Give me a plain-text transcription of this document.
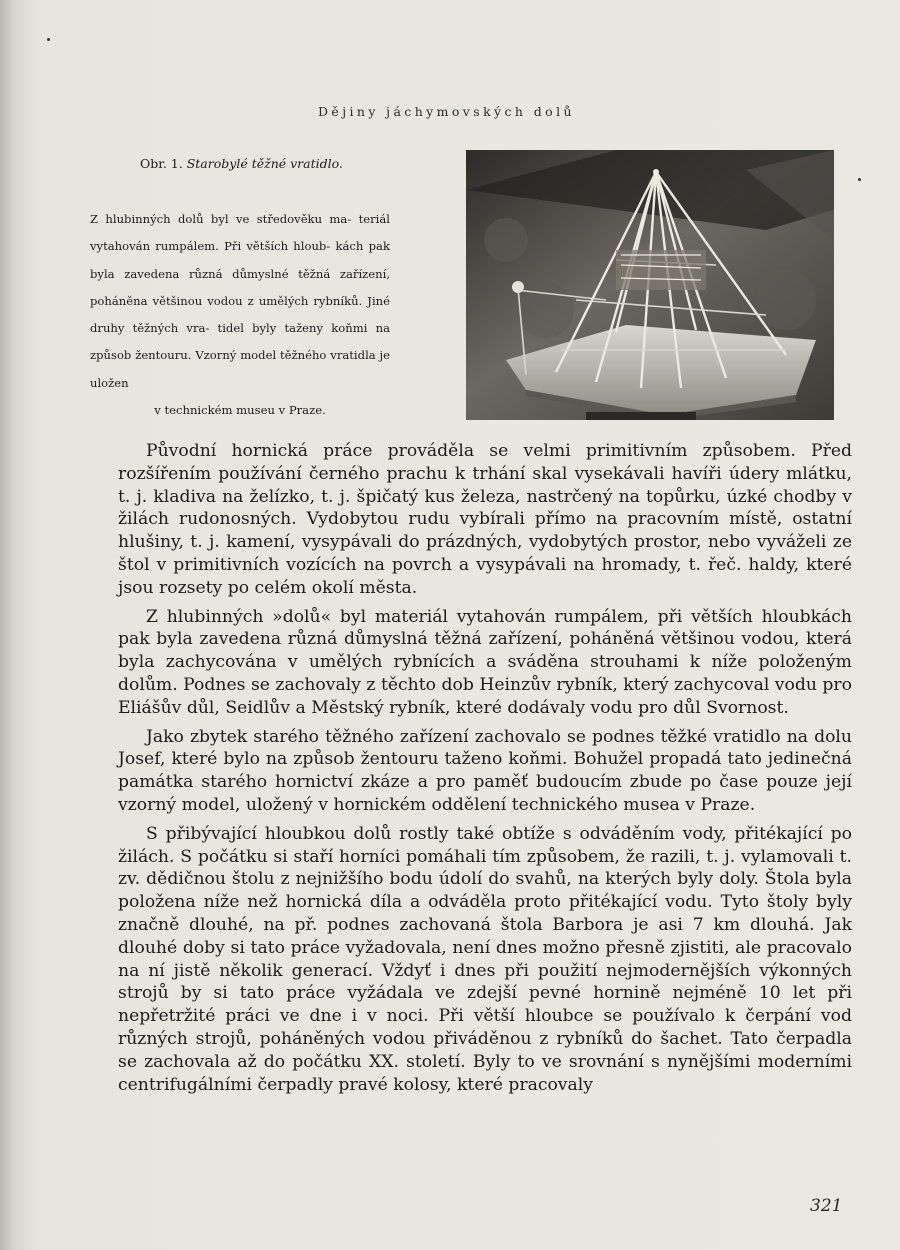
Dějiny jáchymovských dolů
Obr. 1. Starobylé těžné vratidlo.
Z hlubinných dolů byl ve středověku ma- teriál vytahován rumpálem. Při větších hloub- kách pak byla zavedena různá důmyslné těžná zařízení, poháněna většinou vodou z umělých rybníků. Jiné druhy těžných vra- tidel byly taženy koňmi na způsob žentouru. Vzorný model těžného vratidla je uložen
v technickém museu v Praze.

Původní hornická práce prováděla se velmi primitivním způsobem. Před rozšířením používání černého prachu k trhání skal vysekávali havíři údery mlátku, t. j. kladiva na želízko, t. j. špičatý kus železa, nastrčený na topůrku, úzké chodby v žilách rudonosných. Vydobytou rudu vybírali přímo na pracovním místě, ostatní hlušiny, t. j. kamení, vysypávali do prázdných, vydobytých prostor, nebo vyváželi ze štol v primitivních vozících na povrch a vysypávali na hromady, t. řeč. haldy, které jsou rozsety po celém okolí města.

Z hlubinných »dolů« byl materiál vytahován rumpálem, při větších hloubkách pak byla zavedena různá důmyslná těžná zařízení, poháněná většinou vodou, která byla zachycována v umělých rybnících a sváděna strouhami k níže položeným dolům. Podnes se zachovaly z těchto dob Heinzův rybník, který zachycoval vodu pro Eliášův důl, Seidlův a Městský rybník, které dodávaly vodu pro důl Svornost.

Jako zbytek starého těžného zařízení zachovalo se podnes těžké vratidlo na dolu Josef, které bylo na způsob žentouru taženo koňmi. Bohužel propadá tato jedinečná památka starého hornictví zkáze a pro paměť budoucím zbude po čase pouze její vzorný model, uložený v hornickém oddělení technického musea v Praze.

S přibývající hloubkou dolů rostly také obtíže s odváděním vody, přitékající po žilách. S počátku si staří horníci pomáhali tím způsobem, že razili, t. j. vylamovali t. zv. dědičnou štolu z nejnižšího bodu údolí do svahů, na kterých byly doly. Štola byla položena níže než hornická díla a odváděla proto přitékající vodu. Tyto štoly byly značně dlouhé, na př. podnes zachovaná štola Barbora je asi 7 km dlouhá. Jak dlouhé doby si tato práce vyžadovala, není dnes možno přesně zjistiti, ale pracovalo na ní jistě několik generací. Vždyť i dnes při použití nejmodernějších výkonných strojů by si tato práce vyžádala ve zdejší pevné hornině nejméně 10 let při nepřetržité práci ve dne i v noci. Při větší hloubce se používalo k čerpání vod různých strojů, poháněných vodou přiváděnou z rybníků do šachet. Tato čerpadla se zachovala až do počátku XX. století. Byly to ve srovnání s nynějšími moderními centrifugálními čerpadly pravé kolosy, které pracovaly

321
